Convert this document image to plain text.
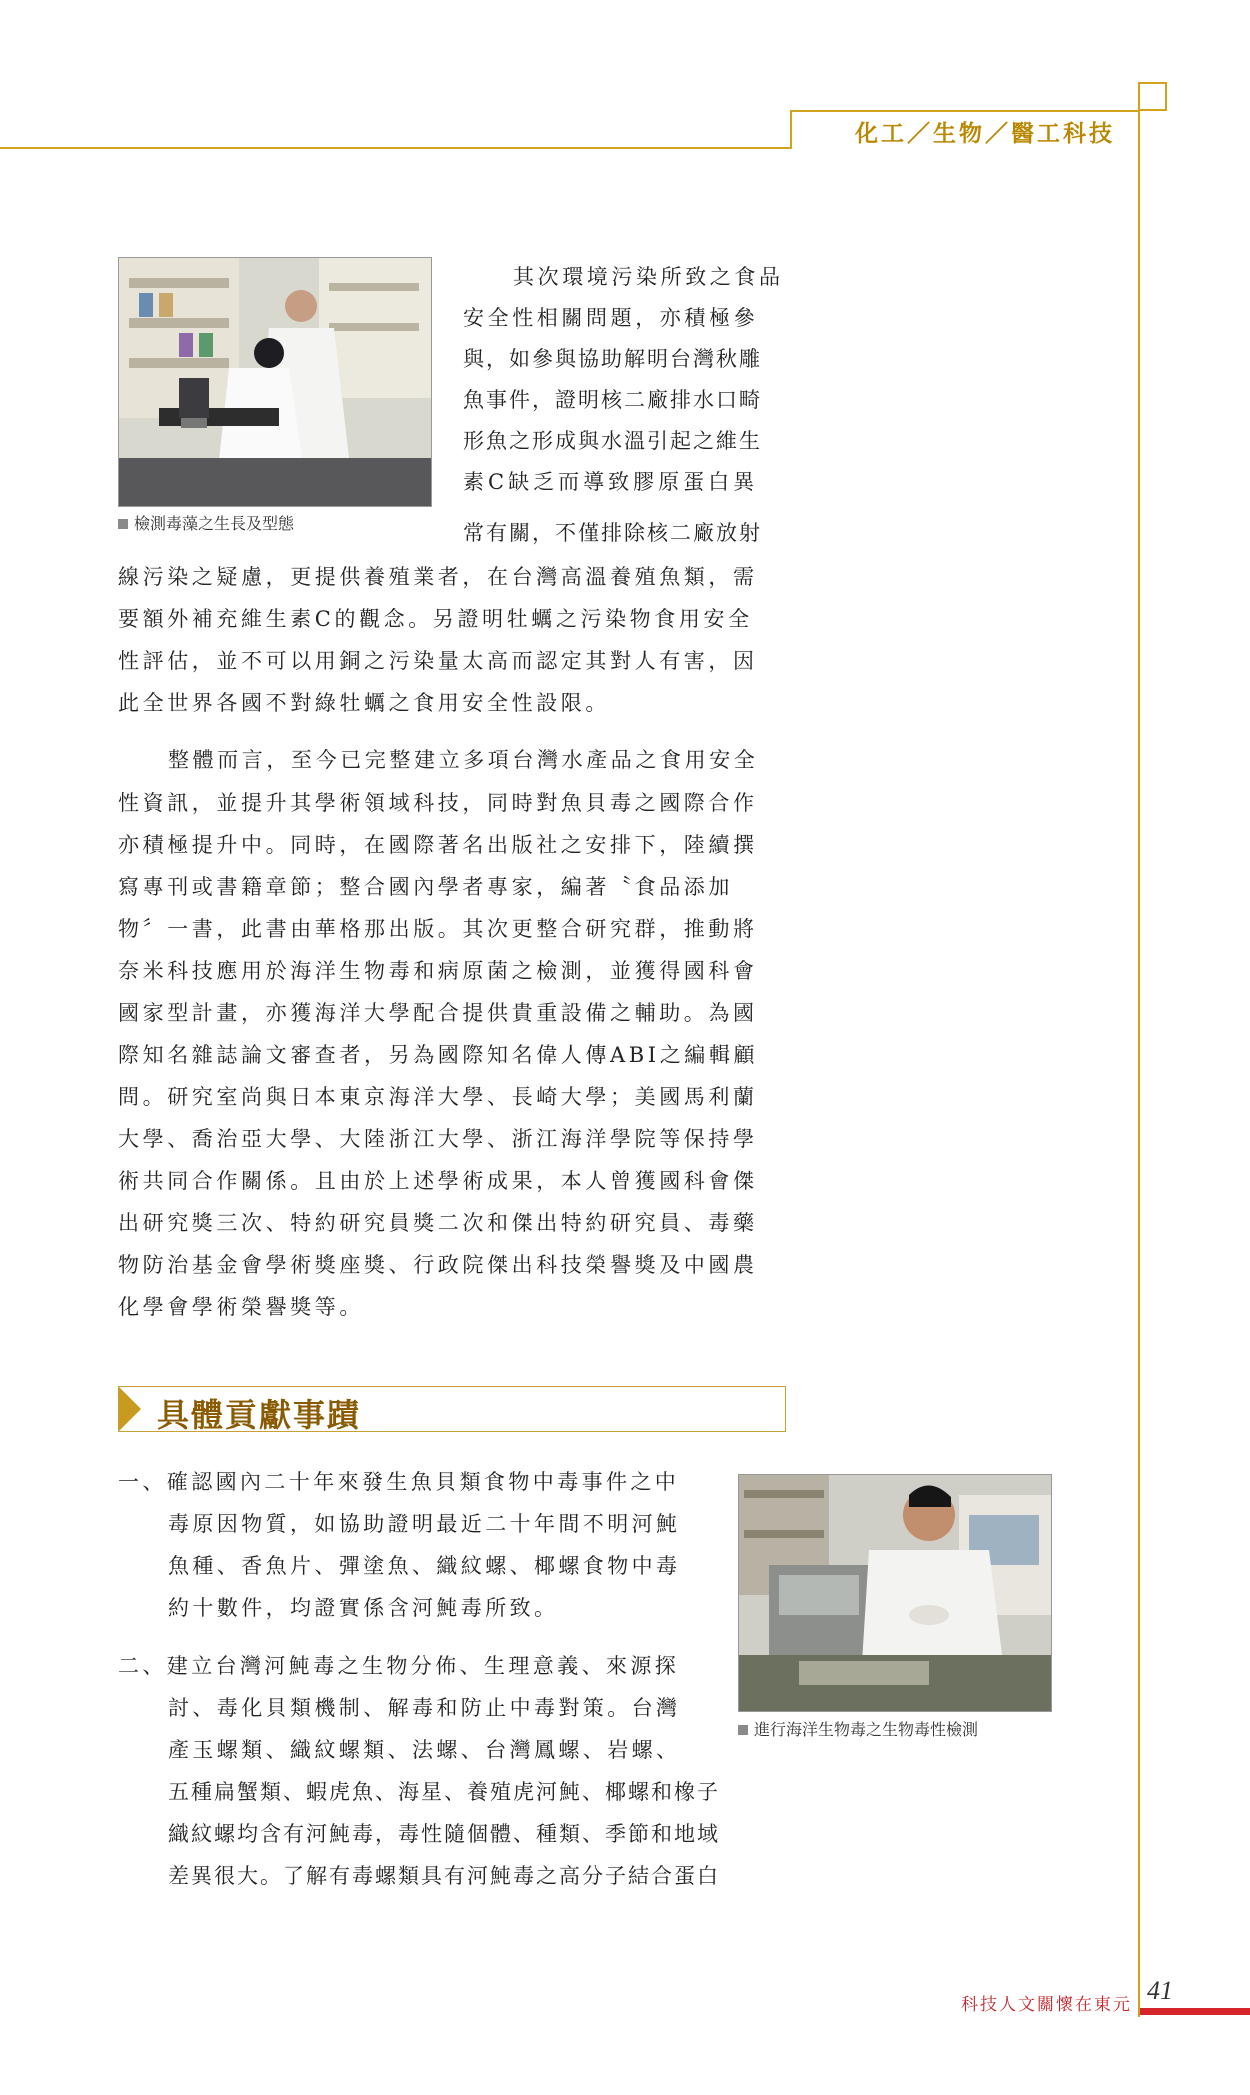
化工／生物／醫工科技
檢測毒藻之生長及型態
其次環境污染所致之食品
安全性相關問題，亦積極參
與，如參與協助解明台灣秋雕
魚事件，證明核二廠排水口畸
形魚之形成與水溫引起之維生
素C缺乏而導致膠原蛋白異
常有關，不僅排除核二廠放射
線污染之疑慮，更提供養殖業者，在台灣高溫養殖魚類，需
要額外補充維生素C的觀念。另證明牡蠣之污染物食用安全
性評估，並不可以用銅之污染量太高而認定其對人有害，因
此全世界各國不對綠牡蠣之食用安全性設限。
整體而言，至今已完整建立多項台灣水產品之食用安全
性資訊，並提升其學術領域科技，同時對魚貝毒之國際合作
亦積極提升中。同時，在國際著名出版社之安排下，陸續撰
寫專刊或書籍章節；整合國內學者專家，編著〝食品添加
物〞一書，此書由華格那出版。其次更整合研究群，推動將
奈米科技應用於海洋生物毒和病原菌之檢測，並獲得國科會
國家型計畫，亦獲海洋大學配合提供貴重設備之輔助。為國
際知名雜誌論文審查者，另為國際知名偉人傳ABI之編輯顧
問。研究室尚與日本東京海洋大學、長崎大學；美國馬利蘭
大學、喬治亞大學、大陸浙江大學、浙江海洋學院等保持學
術共同合作關係。且由於上述學術成果，本人曾獲國科會傑
出研究獎三次、特約研究員獎二次和傑出特約研究員、毒藥
物防治基金會學術獎座獎、行政院傑出科技榮譽獎及中國農
化學會學術榮譽獎等。
具體貢獻事蹟
進行海洋生物毒之生物毒性檢測
一、確認國內二十年來發生魚貝類食物中毒事件之中
毒原因物質，如協助證明最近二十年間不明河魨
魚種、香魚片、彈塗魚、織紋螺、椰螺食物中毒
約十數件，均證實係含河魨毒所致。
二、建立台灣河魨毒之生物分佈、生理意義、來源探
討、毒化貝類機制、解毒和防止中毒對策。台灣
產玉螺類、織紋螺類、法螺、台灣鳳螺、岩螺、
五種扁蟹類、蝦虎魚、海星、養殖虎河魨、椰螺和橡子
織紋螺均含有河魨毒，毒性隨個體、種類、季節和地域
差異很大。了解有毒螺類具有河魨毒之高分子結合蛋白
科技人文關懷在東元 41
